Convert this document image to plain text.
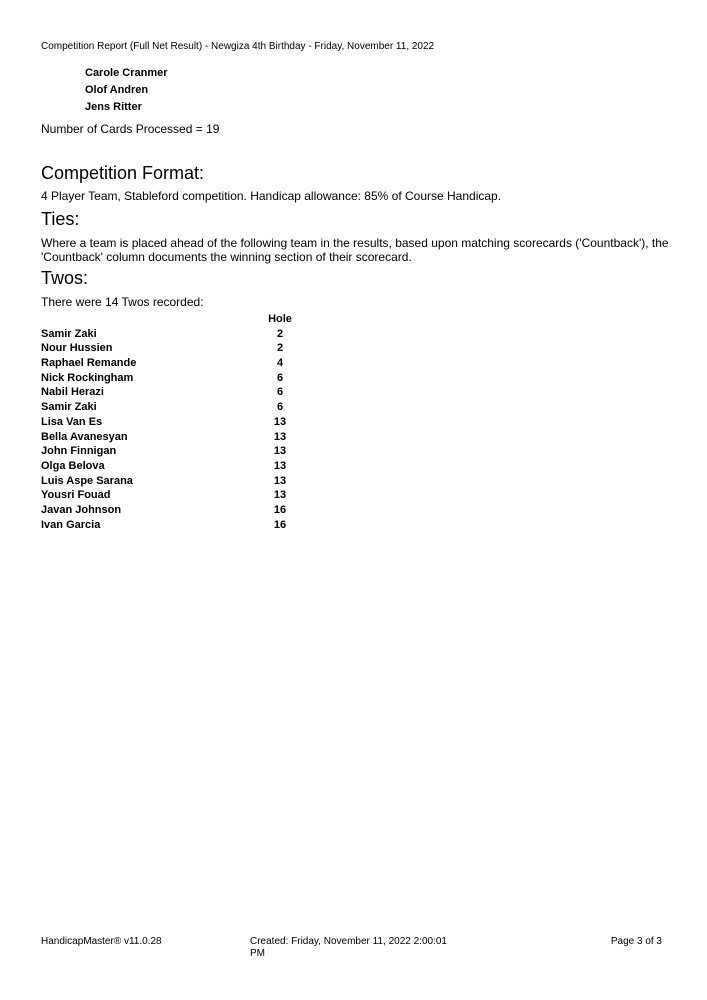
Competition Report (Full Net Result) - Newgiza 4th Birthday - Friday, November 11, 2022
Carole Cranmer
Olof Andren
Jens Ritter
Number of Cards Processed = 19
Competition Format:

4 Player Team, Stableford competition. Handicap allowance: 85% of Course Handicap.

Ties:

Where a team is placed ahead of the following team in the results, based upon matching scorecards ('Countback'), the 'Countback' column documents the winning section of their scorecard.

Twos:

There were 14 Twos recorded:

	Hole
Samir Zaki	2
Nour Hussien	2
Raphael Remande	4
Nick Rockingham	6
Nabil Herazi	6
Samir Zaki	6
Lisa Van Es	13
Bella Avanesyan	13
John Finnigan	13
Olga Belova	13
Luis Aspe Sarana	13
Yousri Fouad	13
Javan Johnson	16
Ivan Garcia	16
HandicapMaster® v11.0.28	Created: Friday, November 11, 2022 2:00:01 PM
Page 3 of 3
